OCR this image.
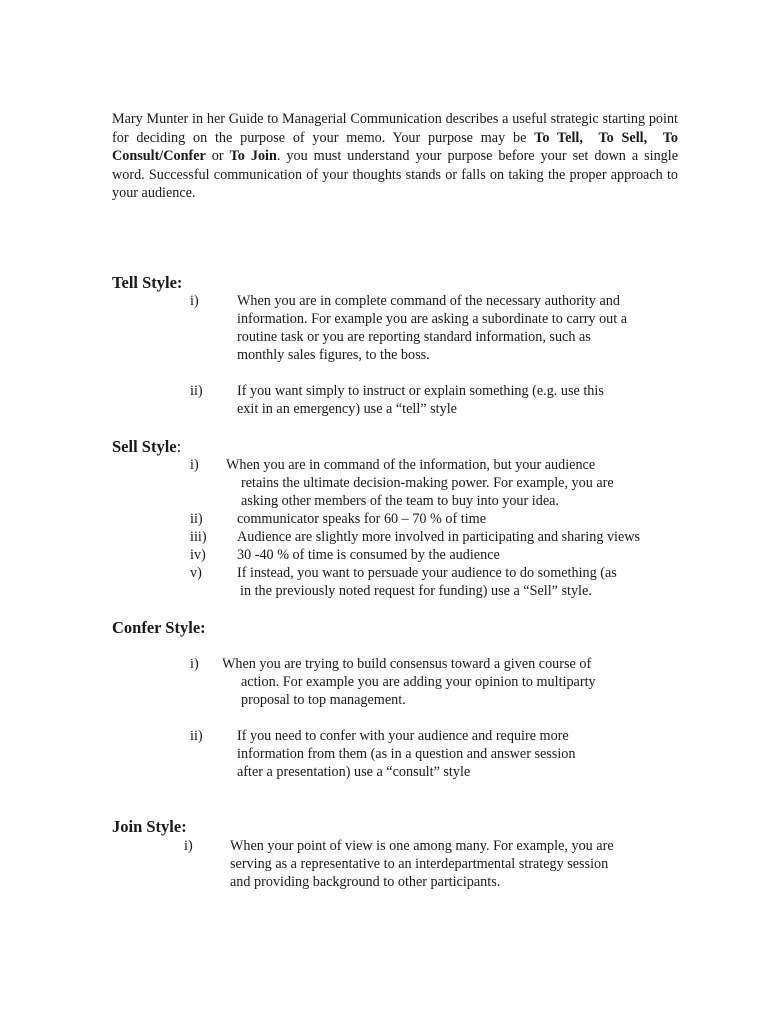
Mary Munter in her Guide to Managerial Communication describes a useful strategic starting point for deciding on the purpose of your memo. Your purpose may be To Tell, To Sell, To Consult/Confer or To Join. you must understand your purpose before your set down a single word. Successful communication of your thoughts stands or falls on taking the proper approach to your audience.

Tell Style:
i)	When you are in complete command of the necessary authority and
information. For example you are asking a subordinate to carry out a
routine task or you are reporting standard information, such as
monthly sales figures, to the boss.
ii) If you want simply to instruct or explain something (e.g. use this
exit in an emergency) use a “tell” style
Sell Style:
i) When you are in command of the information, but your audience
retains the ultimate decision-making power. For example, you are
asking other members of the team to buy into your idea.
ii) communicator speaks for 60 – 70 % of time
iii) Audience are slightly more involved in participating and sharing views
iv) 30 -40 % of time is consumed by the audience
v) If instead, you want to persuade your audience to do something (as
in the previously noted request for funding) use a “Sell” style.
Confer Style:
i) When you are trying to build consensus toward a given course of
action. For example you are adding your opinion to multiparty
proposal to top management.
ii) If you need to confer with your audience and require more
information from them (as in a question and answer session
after a presentation) use a “consult” style
Join Style:
i)	When your point of view is one among many. For example, you are
serving as a representative to an interdepartmental strategy session
and providing background to other participants.
